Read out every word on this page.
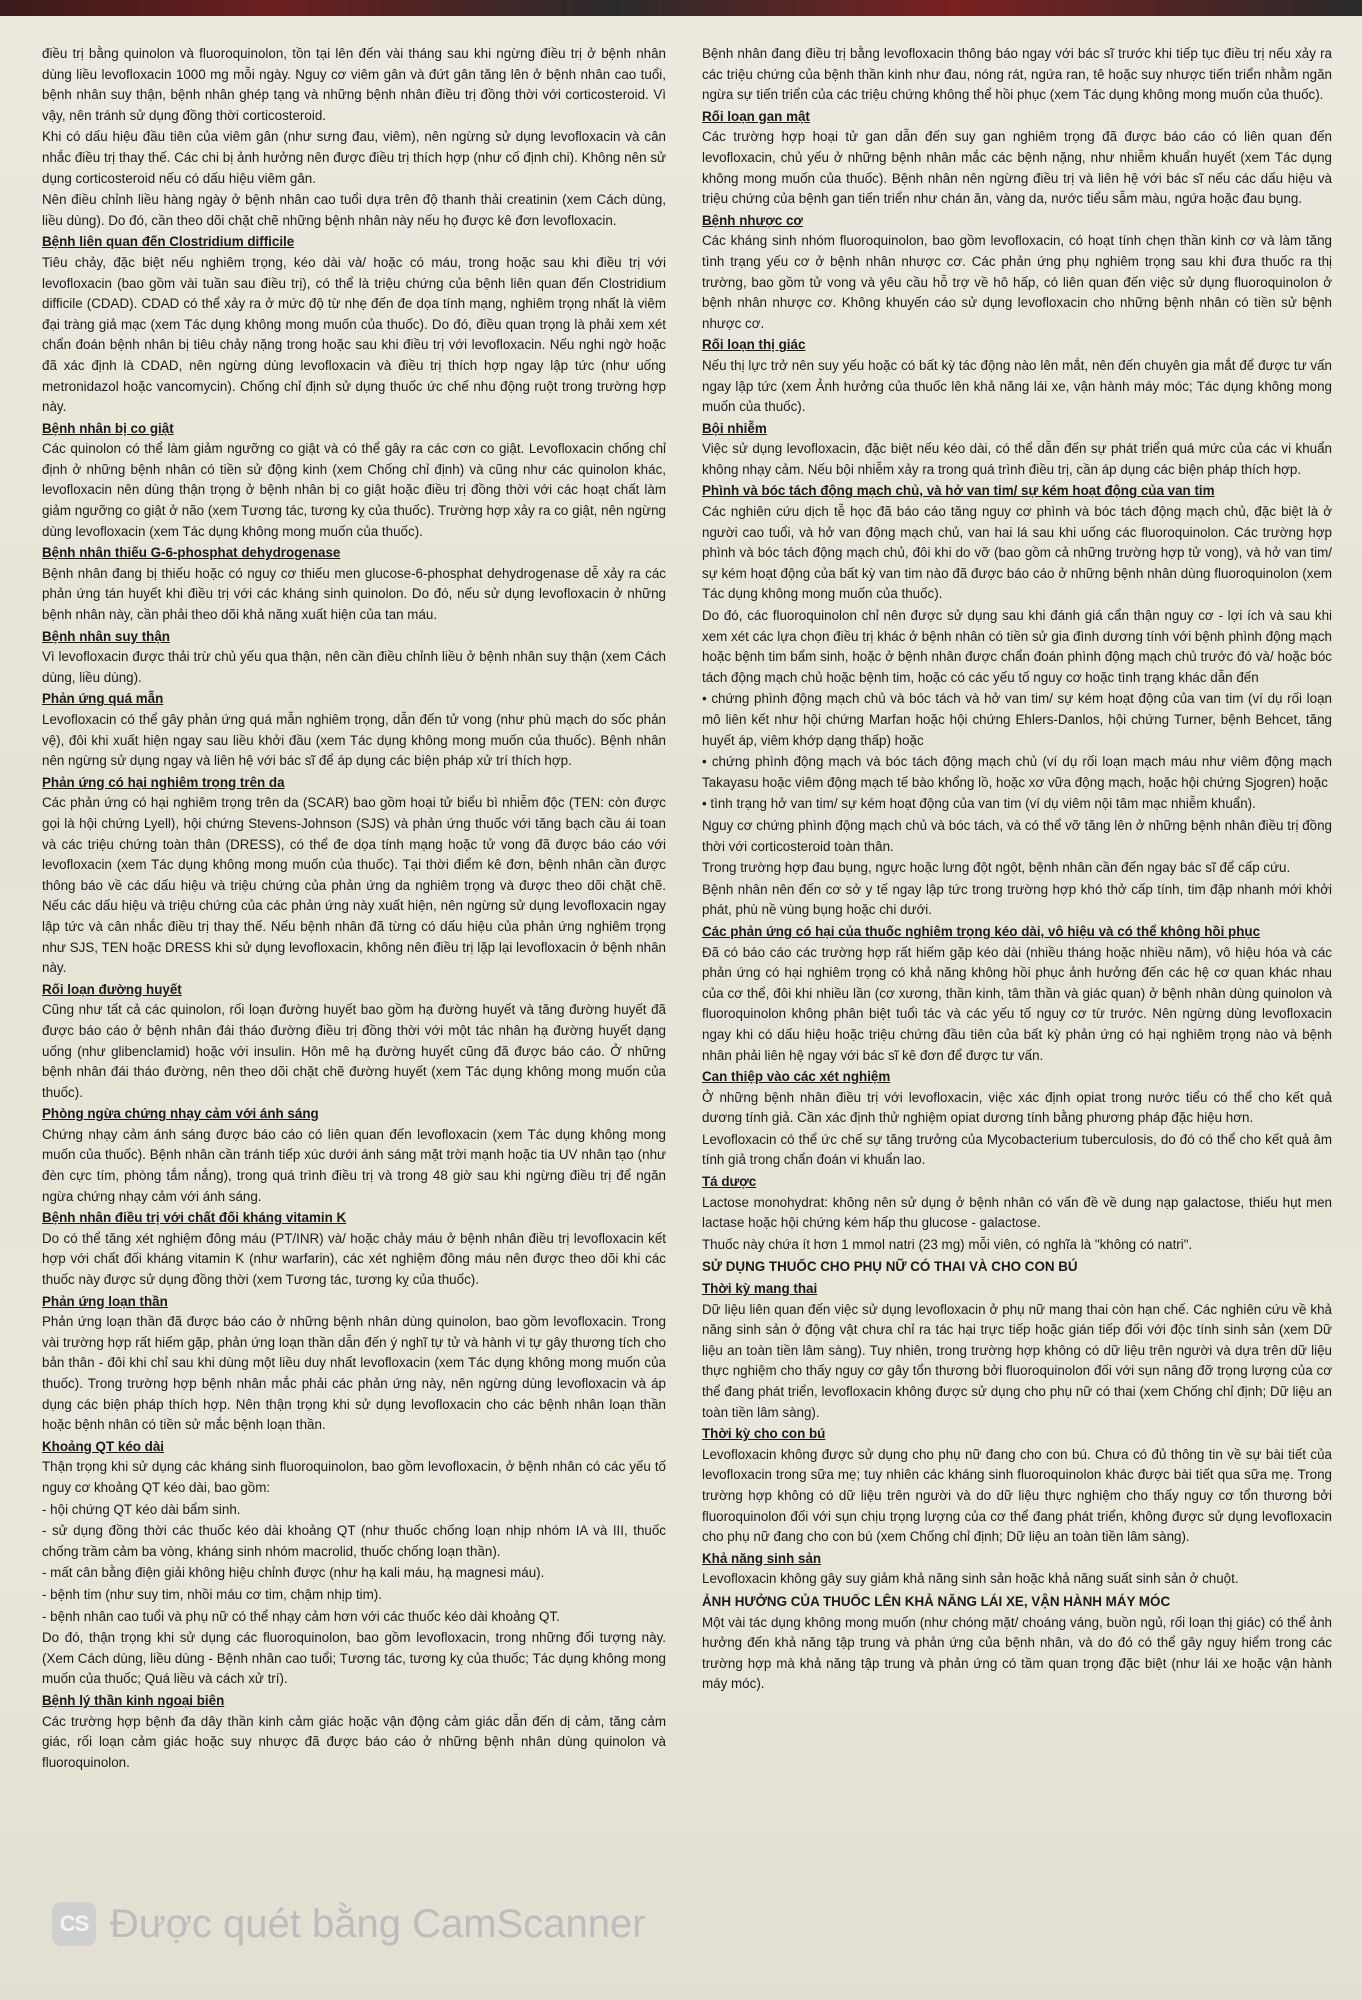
điều trị bằng quinolon và fluoroquinolon, tồn tại lên đến vài tháng sau khi ngừng điều trị ở bệnh nhân dùng liều levofloxacin 1000 mg mỗi ngày. Nguy cơ viêm gân và đứt gân tăng lên ở bệnh nhân cao tuổi, bệnh nhân suy thận, bệnh nhân ghép tạng và những bệnh nhân điều trị đồng thời với corticosteroid. Vì vậy, nên tránh sử dụng đồng thời corticosteroid.

Khi có dấu hiệu đầu tiên của viêm gân (như sưng đau, viêm), nên ngừng sử dụng levofloxacin và cân nhắc điều trị thay thế. Các chi bị ảnh hưởng nên được điều trị thích hợp (như cố định chi). Không nên sử dụng corticosteroid nếu có dấu hiệu viêm gân.

Nên điều chỉnh liều hàng ngày ở bệnh nhân cao tuổi dựa trên độ thanh thải creatinin (xem Cách dùng, liều dùng). Do đó, cần theo dõi chặt chẽ những bệnh nhân này nếu họ được kê đơn levofloxacin.

Bệnh liên quan đến Clostridium difficile

Tiêu chảy, đặc biệt nếu nghiêm trọng, kéo dài và/ hoặc có máu, trong hoặc sau khi điều trị với levofloxacin (bao gồm vài tuần sau điều trị), có thể là triệu chứng của bệnh liên quan đến Clostridium difficile (CDAD). CDAD có thể xảy ra ở mức độ từ nhẹ đến đe dọa tính mạng, nghiêm trọng nhất là viêm đại tràng giả mạc (xem Tác dụng không mong muốn của thuốc). Do đó, điều quan trọng là phải xem xét chẩn đoán bệnh nhân bị tiêu chảy nặng trong hoặc sau khi điều trị với levofloxacin. Nếu nghi ngờ hoặc đã xác định là CDAD, nên ngừng dùng levofloxacin và điều trị thích hợp ngay lập tức (như uống metronidazol hoặc vancomycin). Chống chỉ định sử dụng thuốc ức chế nhu động ruột trong trường hợp này.

Bệnh nhân bị co giật

Các quinolon có thể làm giảm ngưỡng co giật và có thể gây ra các cơn co giật. Levofloxacin chống chỉ định ở những bệnh nhân có tiền sử động kinh (xem Chống chỉ định) và cũng như các quinolon khác, levofloxacin nên dùng thận trọng ở bệnh nhân bị co giật hoặc điều trị đồng thời với các hoạt chất làm giảm ngưỡng co giật ở não (xem Tương tác, tương kỵ của thuốc). Trường hợp xảy ra co giật, nên ngừng dùng levofloxacin (xem Tác dụng không mong muốn của thuốc).

Bệnh nhân thiếu G-6-phosphat dehydrogenase

Bệnh nhân đang bị thiếu hoặc có nguy cơ thiếu men glucose-6-phosphat dehydrogenase dễ xảy ra các phản ứng tán huyết khi điều trị với các kháng sinh quinolon. Do đó, nếu sử dụng levofloxacin ở những bệnh nhân này, cần phải theo dõi khả năng xuất hiện của tan máu.

Bệnh nhân suy thận

Vì levofloxacin được thải trừ chủ yếu qua thận, nên cần điều chỉnh liều ở bệnh nhân suy thận (xem Cách dùng, liều dùng).

Phản ứng quá mẫn

Levofloxacin có thể gây phản ứng quá mẫn nghiêm trọng, dẫn đến tử vong (như phù mạch do sốc phản vệ), đôi khi xuất hiện ngay sau liều khởi đầu (xem Tác dụng không mong muốn của thuốc). Bệnh nhân nên ngừng sử dụng ngay và liên hệ với bác sĩ để áp dụng các biện pháp xử trí thích hợp.

Phản ứng có hại nghiêm trọng trên da

Các phản ứng có hại nghiêm trọng trên da (SCAR) bao gồm hoại tử biểu bì nhiễm độc (TEN: còn được gọi là hội chứng Lyell), hội chứng Stevens-Johnson (SJS) và phản ứng thuốc với tăng bạch cầu ái toan và các triệu chứng toàn thân (DRESS), có thể đe dọa tính mạng hoặc tử vong đã được báo cáo với levofloxacin (xem Tác dụng không mong muốn của thuốc). Tại thời điểm kê đơn, bệnh nhân cần được thông báo về các dấu hiệu và triệu chứng của phản ứng da nghiêm trọng và được theo dõi chặt chẽ. Nếu các dấu hiệu và triệu chứng của các phản ứng này xuất hiện, nên ngừng sử dụng levofloxacin ngay lập tức và cân nhắc điều trị thay thế. Nếu bệnh nhân đã từng có dấu hiệu của phản ứng nghiêm trọng như SJS, TEN hoặc DRESS khi sử dụng levofloxacin, không nên điều trị lặp lại levofloxacin ở bệnh nhân này.

Rối loạn đường huyết

Cũng như tất cả các quinolon, rối loạn đường huyết bao gồm hạ đường huyết và tăng đường huyết đã được báo cáo ở bệnh nhân đái tháo đường điều trị đồng thời với một tác nhân hạ đường huyết dạng uống (như glibenclamid) hoặc với insulin. Hôn mê hạ đường huyết cũng đã được báo cáo. Ở những bệnh nhân đái tháo đường, nên theo dõi chặt chẽ đường huyết (xem Tác dụng không mong muốn của thuốc).

Phòng ngừa chứng nhạy cảm với ánh sáng

Chứng nhạy cảm ánh sáng được báo cáo có liên quan đến levofloxacin (xem Tác dụng không mong muốn của thuốc). Bệnh nhân cần tránh tiếp xúc dưới ánh sáng mặt trời mạnh hoặc tia UV nhân tạo (như đèn cực tím, phòng tắm nắng), trong quá trình điều trị và trong 48 giờ sau khi ngừng điều trị để ngăn ngừa chứng nhạy cảm với ánh sáng.

Bệnh nhân điều trị với chất đối kháng vitamin K

Do có thể tăng xét nghiệm đông máu (PT/INR) và/ hoặc chảy máu ở bệnh nhân điều trị levofloxacin kết hợp với chất đối kháng vitamin K (như warfarin), các xét nghiệm đông máu nên được theo dõi khi các thuốc này được sử dụng đồng thời (xem Tương tác, tương kỵ của thuốc).

Phản ứng loạn thần

Phản ứng loạn thần đã được báo cáo ở những bệnh nhân dùng quinolon, bao gồm levofloxacin. Trong vài trường hợp rất hiếm gặp, phản ứng loạn thần dẫn đến ý nghĩ tự tử và hành vi tự gây thương tích cho bản thân - đôi khi chỉ sau khi dùng một liều duy nhất levofloxacin (xem Tác dụng không mong muốn của thuốc). Trong trường hợp bệnh nhân mắc phải các phản ứng này, nên ngừng dùng levofloxacin và áp dụng các biện pháp thích hợp. Nên thận trọng khi sử dụng levofloxacin cho các bệnh nhân loạn thần hoặc bệnh nhân có tiền sử mắc bệnh loạn thần.

Khoảng QT kéo dài

Thận trọng khi sử dụng các kháng sinh fluoroquinolon, bao gồm levofloxacin, ở bệnh nhân có các yếu tố nguy cơ khoảng QT kéo dài, bao gồm:

- hội chứng QT kéo dài bẩm sinh.

- sử dụng đồng thời các thuốc kéo dài khoảng QT (như thuốc chống loạn nhịp nhóm IA và III, thuốc chống trầm cảm ba vòng, kháng sinh nhóm macrolid, thuốc chống loạn thần).

- mất cân bằng điện giải không hiệu chỉnh được (như hạ kali máu, hạ magnesi máu).

- bệnh tim (như suy tim, nhồi máu cơ tim, chậm nhịp tim).

- bệnh nhân cao tuổi và phụ nữ có thể nhạy cảm hơn với các thuốc kéo dài khoảng QT.

Do đó, thận trọng khi sử dụng các fluoroquinolon, bao gồm levofloxacin, trong những đối tượng này. (Xem Cách dùng, liều dùng - Bệnh nhân cao tuổi; Tương tác, tương kỵ của thuốc; Tác dụng không mong muốn của thuốc; Quá liều và cách xử trí).

Bệnh lý thần kinh ngoại biên

Các trường hợp bệnh đa dây thần kinh cảm giác hoặc vận động cảm giác dẫn đến dị cảm, tăng cảm giác, rối loạn cảm giác hoặc suy nhược đã được báo cáo ở những bệnh nhân dùng quinolon và fluoroquinolon.

Bệnh nhân đang điều trị bằng levofloxacin thông báo ngay với bác sĩ trước khi tiếp tục điều trị nếu xảy ra các triệu chứng của bệnh thần kinh như đau, nóng rát, ngứa ran, tê hoặc suy nhược tiến triển nhằm ngăn ngừa sự tiến triển của các triệu chứng không thể hồi phục (xem Tác dụng không mong muốn của thuốc).

Rối loạn gan mật

Các trường hợp hoại tử gan dẫn đến suy gan nghiêm trọng đã được báo cáo có liên quan đến levofloxacin, chủ yếu ở những bệnh nhân mắc các bệnh nặng, như nhiễm khuẩn huyết (xem Tác dụng không mong muốn của thuốc). Bệnh nhân nên ngừng điều trị và liên hệ với bác sĩ nếu các dấu hiệu và triệu chứng của bệnh gan tiến triển như chán ăn, vàng da, nước tiểu sẫm màu, ngứa hoặc đau bụng.

Bệnh nhược cơ

Các kháng sinh nhóm fluoroquinolon, bao gồm levofloxacin, có hoạt tính chẹn thần kinh cơ và làm tăng tình trạng yếu cơ ở bệnh nhân nhược cơ. Các phản ứng phụ nghiêm trọng sau khi đưa thuốc ra thị trường, bao gồm tử vong và yêu cầu hỗ trợ về hô hấp, có liên quan đến việc sử dụng fluoroquinolon ở bệnh nhân nhược cơ. Không khuyến cáo sử dụng levofloxacin cho những bệnh nhân có tiền sử bệnh nhược cơ.

Rối loạn thị giác

Nếu thị lực trở nên suy yếu hoặc có bất kỳ tác động nào lên mắt, nên đến chuyên gia mắt để được tư vấn ngay lập tức (xem Ảnh hưởng của thuốc lên khả năng lái xe, vận hành máy móc; Tác dụng không mong muốn của thuốc).

Bội nhiễm

Việc sử dụng levofloxacin, đặc biệt nếu kéo dài, có thể dẫn đến sự phát triển quá mức của các vi khuẩn không nhạy cảm. Nếu bội nhiễm xảy ra trong quá trình điều trị, cần áp dụng các biện pháp thích hợp.

Phình và bóc tách động mạch chủ, và hở van tim/ sự kém hoạt động của van tim

Các nghiên cứu dịch tễ học đã báo cáo tăng nguy cơ phình và bóc tách động mạch chủ, đặc biệt là ở người cao tuổi, và hở van động mạch chủ, van hai lá sau khi uống các fluoroquinolon. Các trường hợp phình và bóc tách động mạch chủ, đôi khi do vỡ (bao gồm cả những trường hợp tử vong), và hở van tim/ sự kém hoạt động của bất kỳ van tim nào đã được báo cáo ở những bệnh nhân dùng fluoroquinolon (xem Tác dụng không mong muốn của thuốc).

Do đó, các fluoroquinolon chỉ nên được sử dụng sau khi đánh giá cẩn thận nguy cơ - lợi ích và sau khi xem xét các lựa chọn điều trị khác ở bệnh nhân có tiền sử gia đình dương tính với bệnh phình động mạch hoặc bệnh tim bẩm sinh, hoặc ở bệnh nhân được chẩn đoán phình động mạch chủ trước đó và/ hoặc bóc tách động mạch chủ hoặc bệnh tim, hoặc có các yếu tố nguy cơ hoặc tình trạng khác dẫn đến

• chứng phình động mạch chủ và bóc tách và hở van tim/ sự kém hoạt động của van tim (ví dụ rối loạn mô liên kết như hội chứng Marfan hoặc hội chứng Ehlers-Danlos, hội chứng Turner, bệnh Behcet, tăng huyết áp, viêm khớp dạng thấp) hoặc

• chứng phình động mạch và bóc tách động mạch chủ (ví dụ rối loạn mạch máu như viêm động mạch Takayasu hoặc viêm động mạch tế bào khổng lồ, hoặc xơ vữa động mạch, hoặc hội chứng Sjogren) hoặc

• tình trạng hở van tim/ sự kém hoạt động của van tim (ví dụ viêm nội tâm mạc nhiễm khuẩn).

Nguy cơ chứng phình động mạch chủ và bóc tách, và có thể vỡ tăng lên ở những bệnh nhân điều trị đồng thời với corticosteroid toàn thân.

Trong trường hợp đau bụng, ngực hoặc lưng đột ngột, bệnh nhân cần đến ngay bác sĩ để cấp cứu.

Bệnh nhân nên đến cơ sở y tế ngay lập tức trong trường hợp khó thở cấp tính, tim đập nhanh mới khởi phát, phù nề vùng bụng hoặc chi dưới.

Các phản ứng có hại của thuốc nghiêm trọng kéo dài, vô hiệu và có thể không hồi phục

Đã có báo cáo các trường hợp rất hiếm gặp kéo dài (nhiều tháng hoặc nhiều năm), vô hiệu hóa và các phản ứng có hại nghiêm trọng có khả năng không hồi phục ảnh hưởng đến các hệ cơ quan khác nhau của cơ thể, đôi khi nhiều lần (cơ xương, thần kinh, tâm thần và giác quan) ở bệnh nhân dùng quinolon và fluoroquinolon không phân biệt tuổi tác và các yếu tố nguy cơ từ trước. Nên ngừng dùng levofloxacin ngay khi có dấu hiệu hoặc triệu chứng đầu tiên của bất kỳ phản ứng có hại nghiêm trọng nào và bệnh nhân phải liên hệ ngay với bác sĩ kê đơn để được tư vấn.

Can thiệp vào các xét nghiệm

Ở những bệnh nhân điều trị với levofloxacin, việc xác định opiat trong nước tiểu có thể cho kết quả dương tính giả. Cần xác định thử nghiệm opiat dương tính bằng phương pháp đặc hiệu hơn.

Levofloxacin có thể ức chế sự tăng trưởng của Mycobacterium tuberculosis, do đó có thể cho kết quả âm tính giả trong chẩn đoán vi khuẩn lao.

Tá dược

Lactose monohydrat: không nên sử dụng ở bệnh nhân có vấn đề về dung nạp galactose, thiếu hụt men lactase hoặc hội chứng kém hấp thu glucose - galactose.

Thuốc này chứa ít hơn 1 mmol natri (23 mg) mỗi viên, có nghĩa là "không có natri".

SỬ DỤNG THUỐC CHO PHỤ NỮ CÓ THAI VÀ CHO CON BÚ
Thời kỳ mang thai

Dữ liệu liên quan đến việc sử dụng levofloxacin ở phụ nữ mang thai còn hạn chế. Các nghiên cứu về khả năng sinh sản ở động vật chưa chỉ ra tác hại trực tiếp hoặc gián tiếp đối với độc tính sinh sản (xem Dữ liệu an toàn tiền lâm sàng). Tuy nhiên, trong trường hợp không có dữ liệu trên người và dựa trên dữ liệu thực nghiệm cho thấy nguy cơ gây tổn thương bởi fluoroquinolon đối với sụn nâng đỡ trọng lượng của cơ thể đang phát triển, levofloxacin không được sử dụng cho phụ nữ có thai (xem Chống chỉ định; Dữ liệu an toàn tiền lâm sàng).

Thời kỳ cho con bú

Levofloxacin không được sử dụng cho phụ nữ đang cho con bú. Chưa có đủ thông tin về sự bài tiết của levofloxacin trong sữa mẹ; tuy nhiên các kháng sinh fluoroquinolon khác được bài tiết qua sữa mẹ. Trong trường hợp không có dữ liệu trên người và do dữ liệu thực nghiệm cho thấy nguy cơ tổn thương bởi fluoroquinolon đối với sụn chịu trọng lượng của cơ thể đang phát triển, không được sử dụng levofloxacin cho phụ nữ đang cho con bú (xem Chống chỉ định; Dữ liệu an toàn tiền lâm sàng).

Khả năng sinh sản

Levofloxacin không gây suy giảm khả năng sinh sản hoặc khả năng suất sinh sản ở chuột.

ẢNH HƯỞNG CỦA THUỐC LÊN KHẢ NĂNG LÁI XE, VẬN HÀNH MÁY MÓC

Một vài tác dụng không mong muốn (như chóng mặt/ choáng váng, buồn ngủ, rối loạn thị giác) có thể ảnh hưởng đến khả năng tập trung và phản ứng của bệnh nhân, và do đó có thể gây nguy hiểm trong các trường hợp mà khả năng tập trung và phản ứng có tầm quan trọng đặc biệt (như lái xe hoặc vận hành máy móc).

CS Được quét bằng CamScanner
